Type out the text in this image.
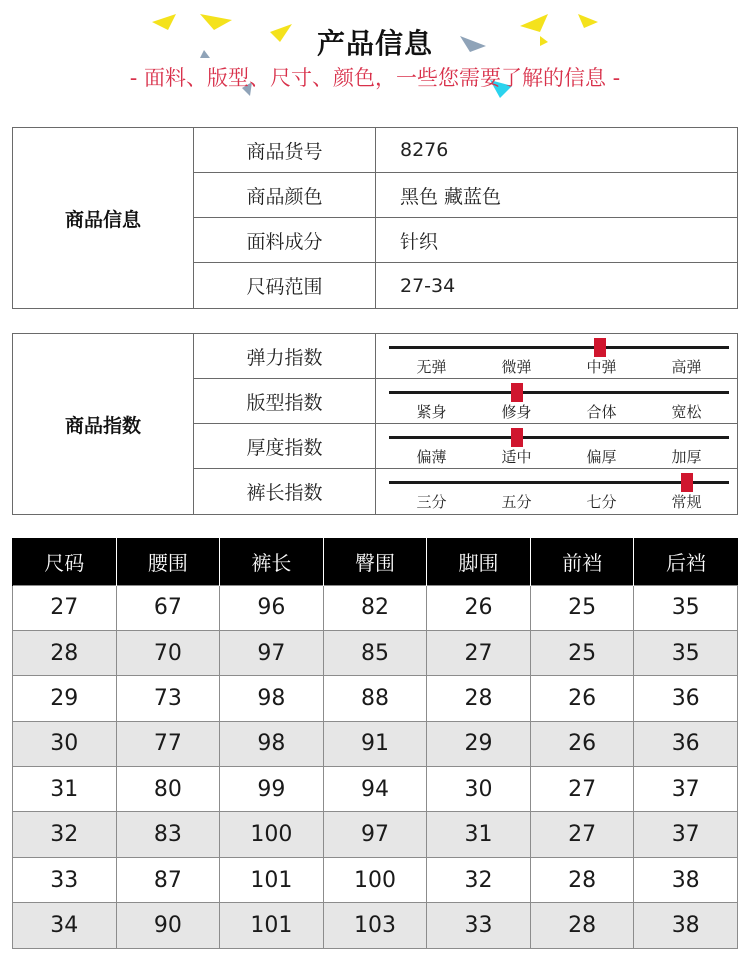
产品信息
- 面料、版型、尺寸、颜色，一些您需要了解的信息 -
商品信息
商品货号	8276
商品颜色	黑色 藏蓝色
面料成分	针织
尺码范围	27-34
商品指数
弹力指数	无弹	微弹	中弹	高弹
版型指数	紧身	修身	合体	宽松
厚度指数	偏薄	适中	偏厚	加厚
裤长指数	三分	五分	七分	常规
尺码	腰围	裤长	臀围	脚围	前裆	后裆
27	67	96	82	26	25	35
28	70	97	85	27	25	35
29	73	98	88	28	26	36
30	77	98	91	29	26	36
31	80	99	94	30	27	37
32	83	100	97	31	27	37
33	87	101	100	32	28	38
34	90	101	103	33	28	38
